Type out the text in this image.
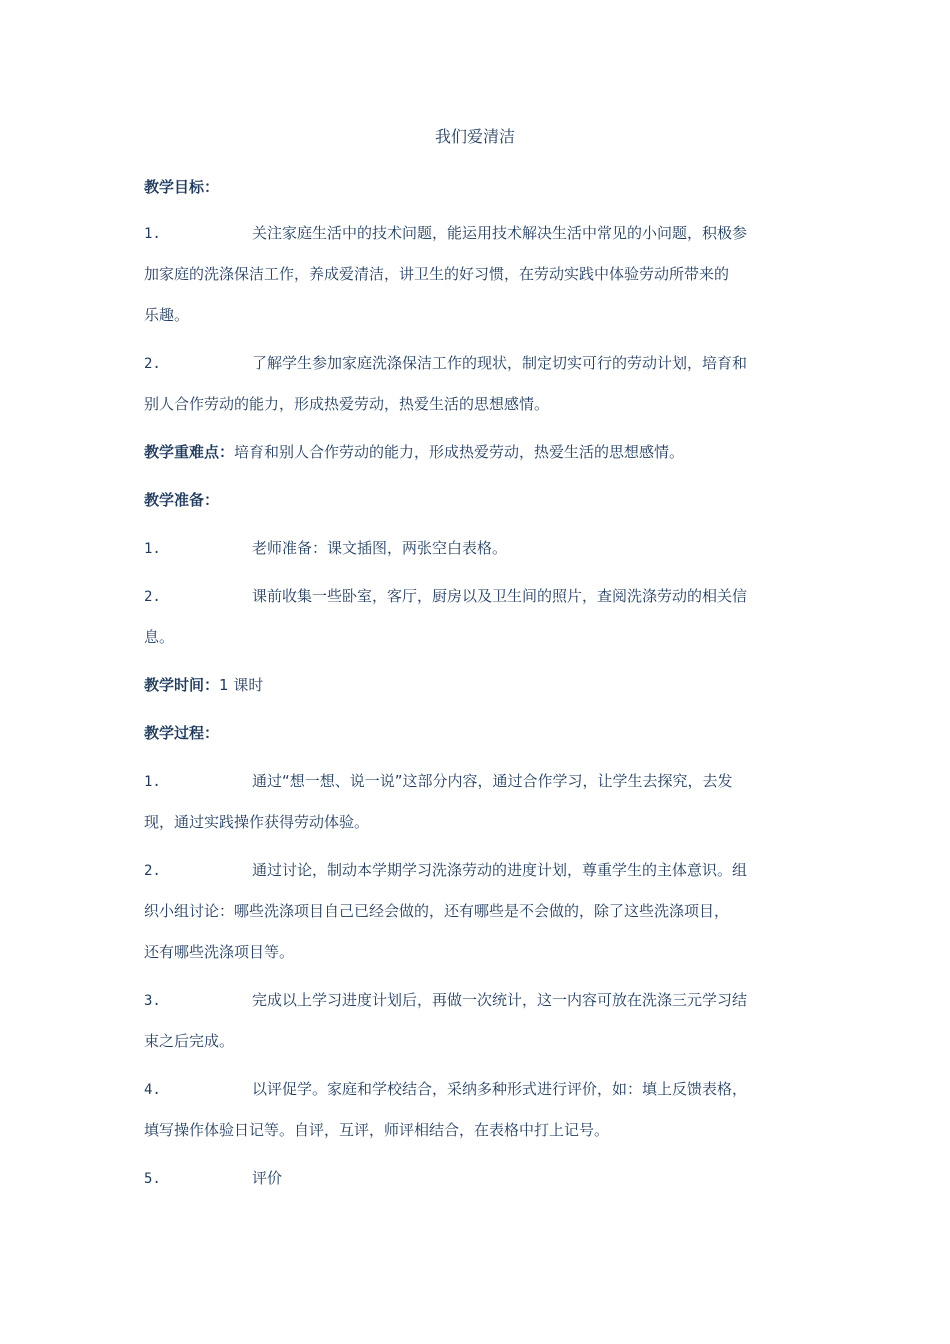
我们爱清洁
教学目标：
1.	关注家庭生活中的技术问题，能运用技术解决生活中常见的小问题，积极参
加家庭的洗涤保洁工作，养成爱清洁，讲卫生的好习惯，在劳动实践中体验劳动所带来的
乐趣。
2.	了解学生参加家庭洗涤保洁工作的现状，制定切实可行的劳动计划，培育和
别人合作劳动的能力，形成热爱劳动，热爱生活的思想感情。
教学重难点：培育和别人合作劳动的能力，形成热爱劳动，热爱生活的思想感情。
教学准备：
1.	老师准备：课文插图，两张空白表格。
2.	课前收集一些卧室，客厅，厨房以及卫生间的照片，查阅洗涤劳动的相关信
息。
教学时间：1 课时
教学过程：
1.	通过“想一想、说一说”这部分内容，通过合作学习，让学生去探究，去发
现，通过实践操作获得劳动体验。
2.	通过讨论，制动本学期学习洗涤劳动的进度计划，尊重学生的主体意识。组
织小组讨论：哪些洗涤项目自己已经会做的，还有哪些是不会做的，除了这些洗涤项目，
还有哪些洗涤项目等。
3.	完成以上学习进度计划后，再做一次统计，这一内容可放在洗涤三元学习结
束之后完成。
4.	以评促学。家庭和学校结合，采纳多种形式进行评价，如：填上反馈表格，
填写操作体验日记等。自评，互评，师评相结合，在表格中打上记号。
5.	评价
